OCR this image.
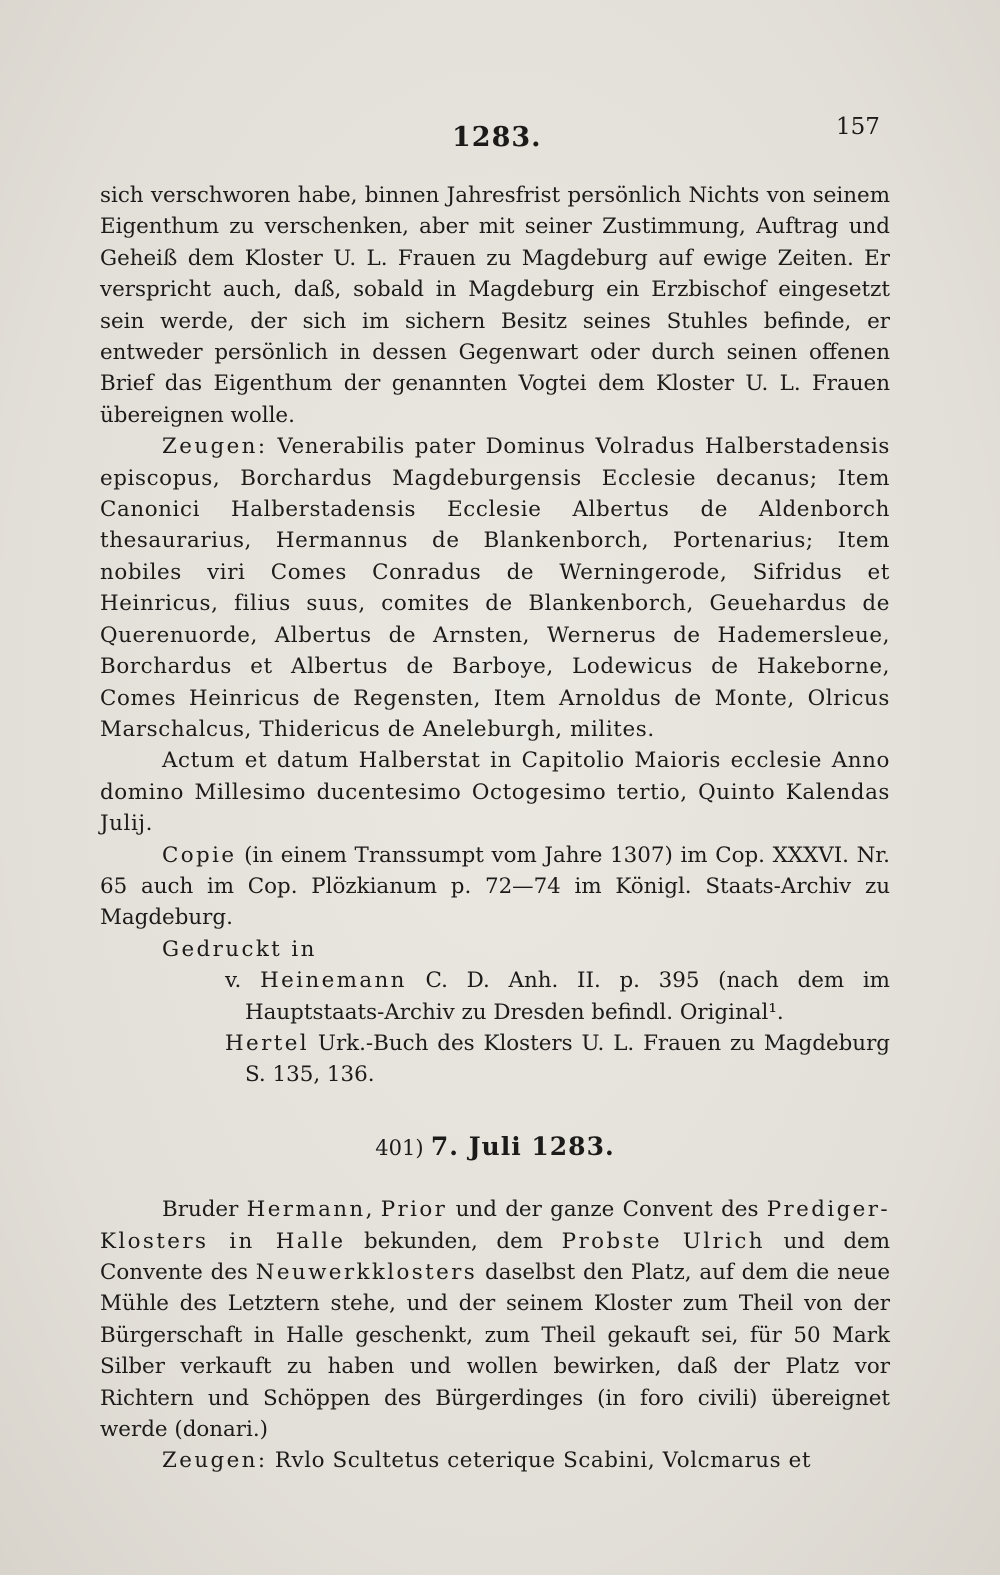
1283.	157

sich verschworen habe, binnen Jahresfrist persönlich Nichts von seinem Eigenthum zu verschenken, aber mit seiner Zustimmung, Auftrag und Geheiß dem Kloster U. L. Frauen zu Magdeburg auf ewige Zeiten. Er verspricht auch, daß, sobald in Magdeburg ein Erzbischof eingesetzt sein werde, der sich im sichern Besitz seines Stuhles befinde, er entweder persönlich in dessen Gegenwart oder durch seinen offenen Brief das Eigenthum der genannten Vogtei dem Kloster U. L. Frauen übereignen wolle.

Zeugen: Venerabilis pater Dominus Volradus Halberstadensis episcopus, Borchardus Magdeburgensis Ecclesie decanus; Item Canonici Halberstadensis Ecclesie Albertus de Aldenborch thesaurarius, Hermannus de Blankenborch, Portenarius; Item nobiles viri Comes Conradus de Werningerode, Sifridus et Heinricus, filius suus, comites de Blankenborch, Geuehardus de Querenuorde, Albertus de Arnsten, Wernerus de Hademersleue, Borchardus et Albertus de Barboye, Lodewicus de Hakeborne, Comes Heinricus de Regensten, Item Arnoldus de Monte, Olricus Marschalcus, Thidericus de Aneleburgh, milites.

Actum et datum Halberstat in Capitolio Maioris ecclesie Anno domino Millesimo ducentesimo Octogesimo tertio, Quinto Kalendas Julij.

Copie (in einem Transsumpt vom Jahre 1307) im Cop. XXXVI. Nr. 65 auch im Cop. Plözkianum p. 72—74 im Königl. Staats-Archiv zu Magdeburg.

Gedruckt in

v. Heinemann C. D. Anh. II. p. 395 (nach dem im Hauptstaats-Archiv zu Dresden befindl. Original¹.

Hertel Urk.-Buch des Klosters U. L. Frauen zu Magdeburg S. 135, 136.

401) 7. Juli 1283.

Bruder Hermann, Prior und der ganze Convent des Prediger-Klosters in Halle bekunden, dem Probste Ulrich und dem Convente des Neuwerkklosters daselbst den Platz, auf dem die neue Mühle des Letztern stehe, und der seinem Kloster zum Theil von der Bürgerschaft in Halle geschenkt, zum Theil gekauft sei, für 50 Mark Silber verkauft zu haben und wollen bewirken, daß der Platz vor Richtern und Schöppen des Bürgerdinges (in foro civili) übereignet werde (donari.)

Zeugen: Rvlo Scultetus ceterique Scabini, Volcmarus et
